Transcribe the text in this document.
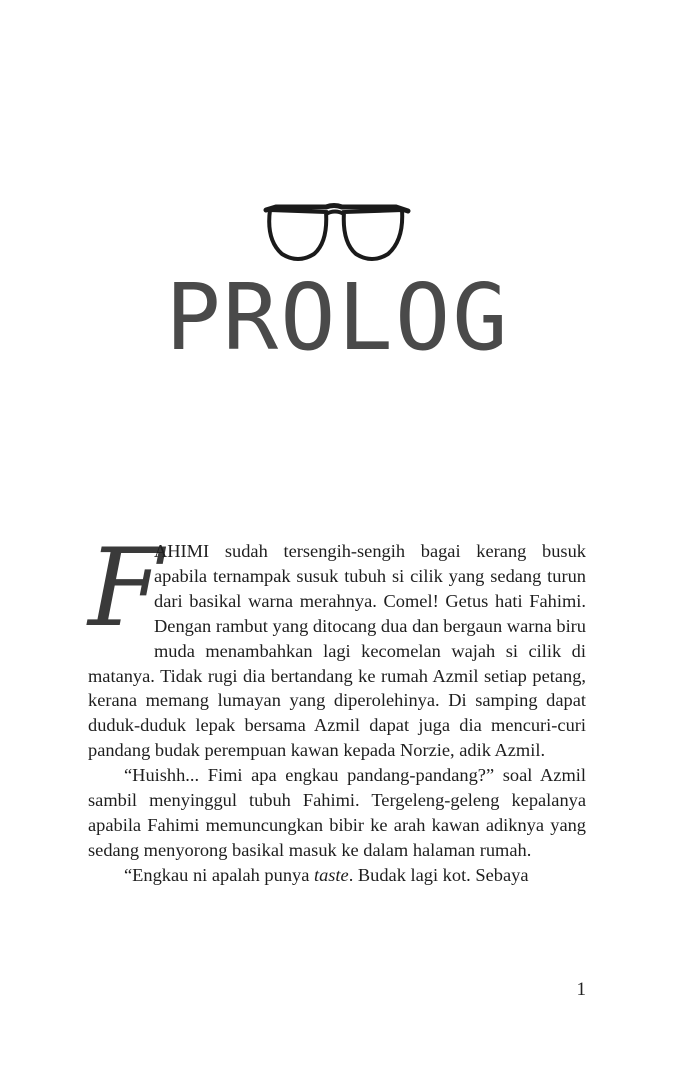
PROLOG

F
AHIMI sudah tersengih-sengih bagai kerang busuk apabila ternampak susuk tubuh si cilik yang sedang turun dari basikal warna merahnya. Comel! Getus hati Fahimi. Dengan rambut yang ditocang dua dan bergaun warna biru muda menambahkan lagi kecomelan wajah si cilik di matanya. Tidak rugi dia bertandang ke rumah Azmil setiap petang, kerana memang lumayan yang diperolehinya. Di samping dapat duduk-duduk lepak bersama Azmil dapat juga dia mencuri-curi pandang budak perempuan kawan kepada Norzie, adik Azmil.

“Huishh... Fimi apa engkau pandang-pandang?” soal Azmil sambil menyinggul tubuh Fahimi. Tergeleng-geleng kepalanya apabila Fahimi memuncungkan bibir ke arah kawan adiknya yang sedang menyorong basikal masuk ke dalam halaman rumah.

“Engkau ni apalah punya taste. Budak lagi kot. Sebaya

1
